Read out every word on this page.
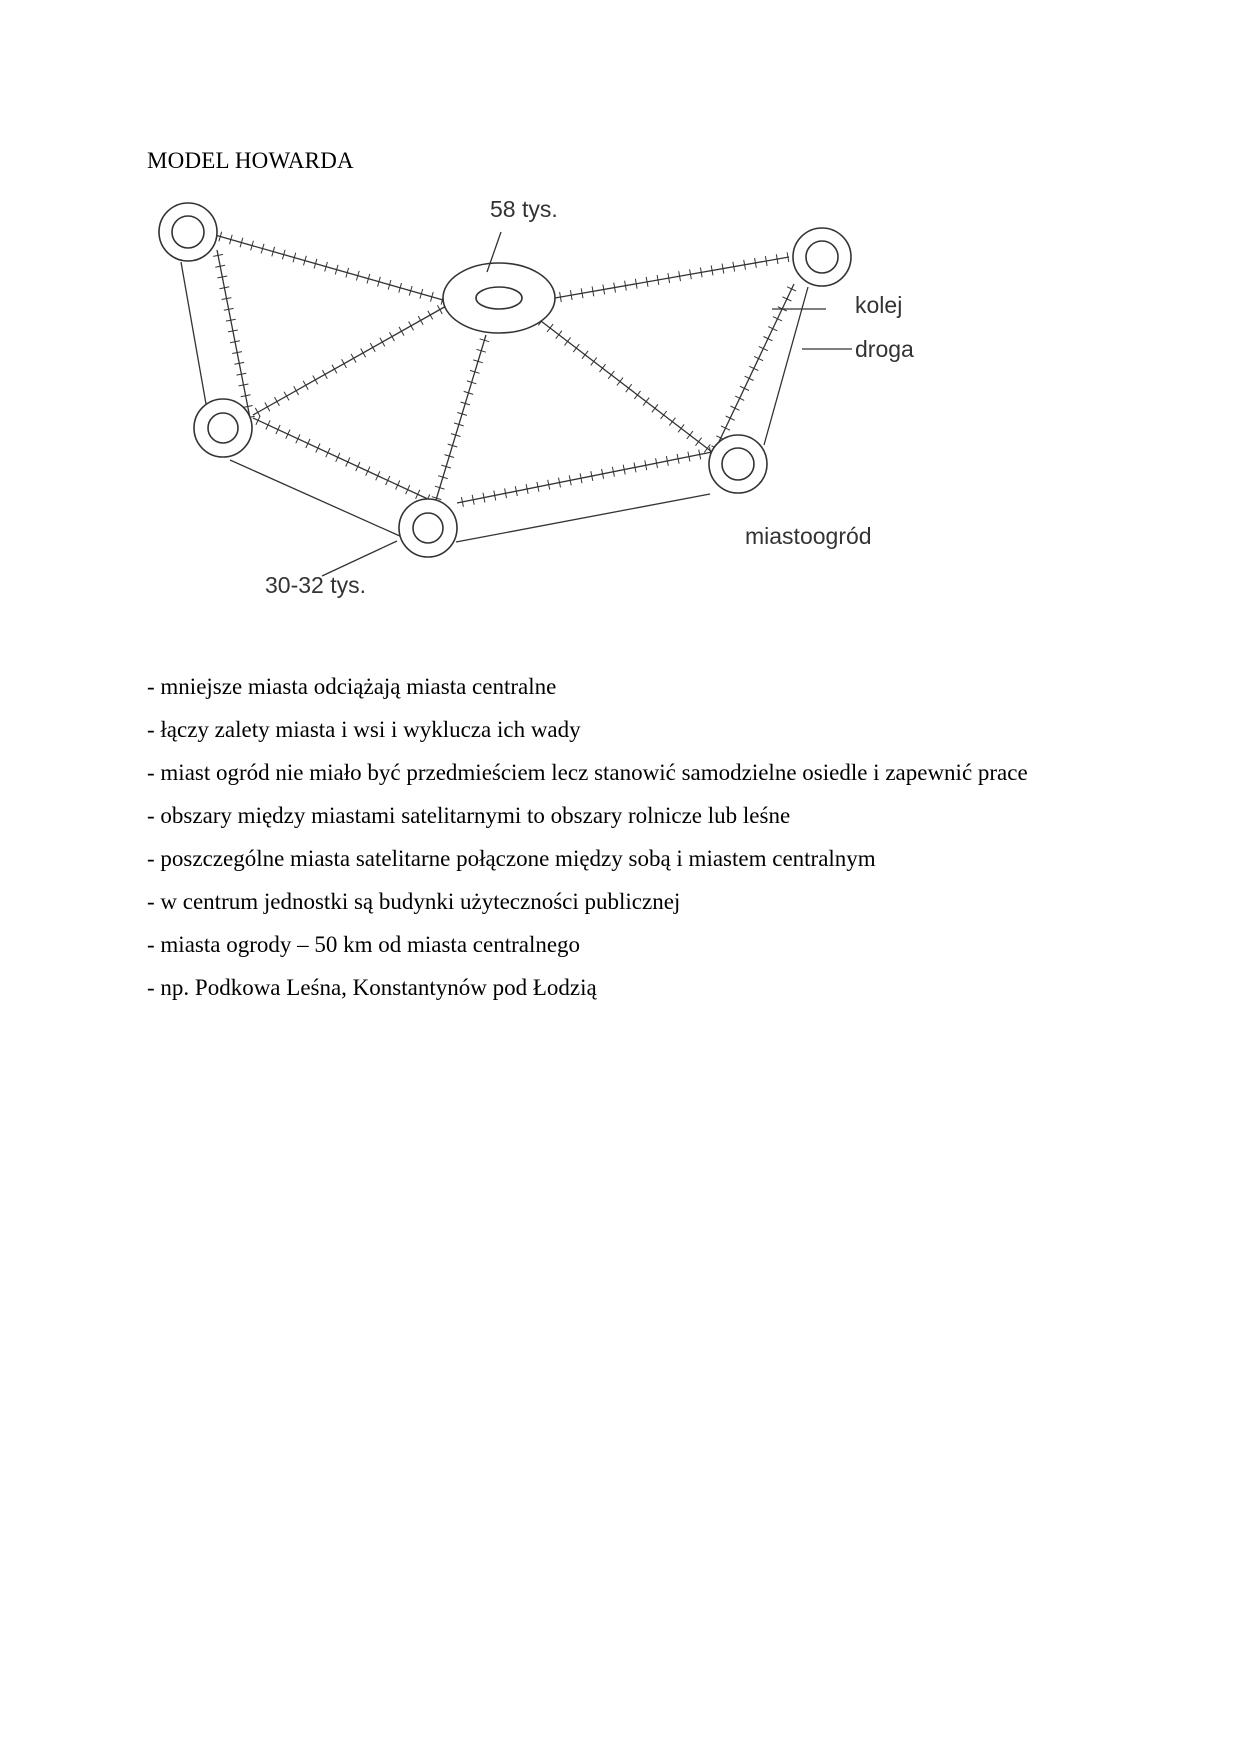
MODEL HOWARDA
58 tys.
kolej
droga
miastoogród
30-32 tys.

- mniejsze miasta odciążają miasta centralne

- łączy zalety miasta i wsi i wyklucza ich wady

- miast ogród nie miało być przedmieściem lecz stanowić samodzielne osiedle i zapewnić prace

- obszary między miastami satelitarnymi to obszary rolnicze lub leśne

- poszczególne miasta satelitarne połączone między sobą i miastem centralnym

- w centrum jednostki są budynki użyteczności publicznej

- miasta ogrody – 50 km od miasta centralnego

- np. Podkowa Leśna, Konstantynów pod Łodzią
